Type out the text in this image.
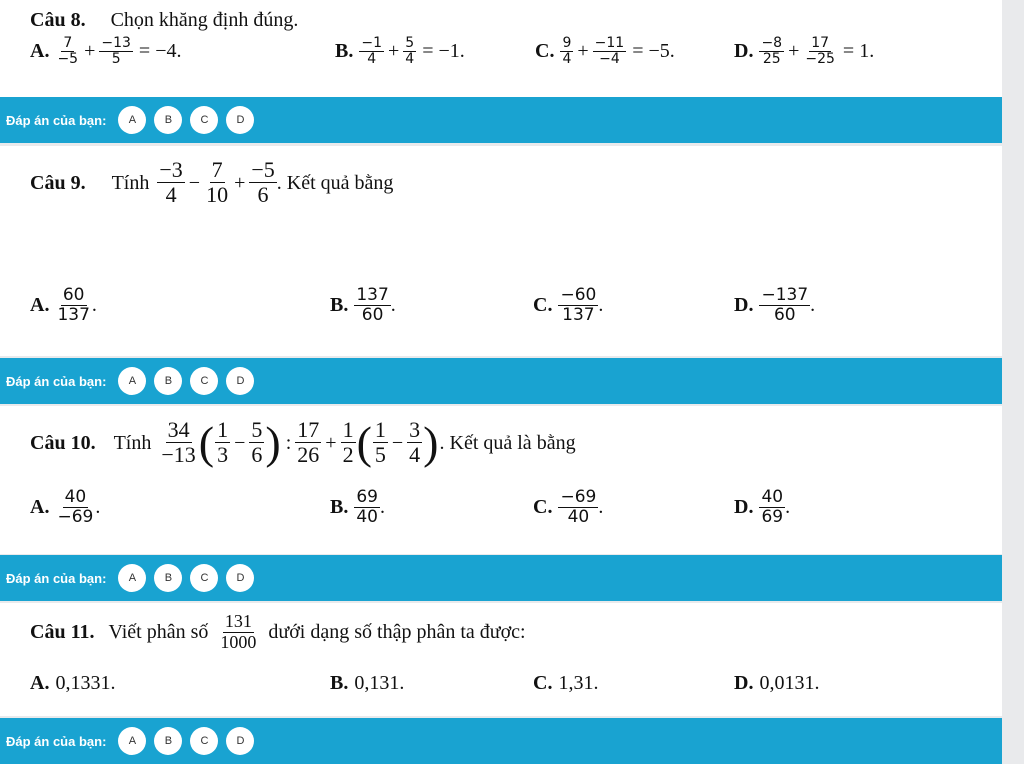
Câu 8. Chọn khăng định đúng.
A. $\frac{7}{-5} + \frac{-13}{5} = -4$.	B. $\frac{-1}{4} + \frac{5}{4} = -1$.	C. $\frac{9}{4} + \frac{-11}{-4} = -5$.	D. $\frac{-8}{25} + \frac{17}{-25} = 1$.
Đáp án của bạn:	A	B	C	D
Câu 9. Tính $\frac{-3}{4} - \frac{7}{10} + \frac{-5}{6}$ . Kết quả bằng
A. $\frac{60}{137}$ .	B. $\frac{137}{60}$ .	C. $\frac{-60}{137}$ .	D. $\frac{-137}{60}$ .
Đáp án của bạn:	A	B	C	D
Câu 10. Tính $\frac{34}{-13}$ ( $\frac{1}{3} - \frac{5}{6}$ ) : $\frac{17}{26} + \frac{1}{2}$ ( $\frac{1}{5} - \frac{3}{4}$ ) . Kết quả là bằng
A. $\frac{40}{-69}$ .	B. $\frac{69}{40}$ .	C. $\frac{-69}{40}$ .	D. $\frac{40}{69}$ .
Đáp án của bạn:	A	B	C	D
Câu 11. Viết phân số $\frac{131}{1000}$ dưới dạng số thập phân ta được:
A. 0,1331.	B. 0,131.	C. 1,31.	D. 0,0131.
Đáp án của bạn:	A	B	C	D
